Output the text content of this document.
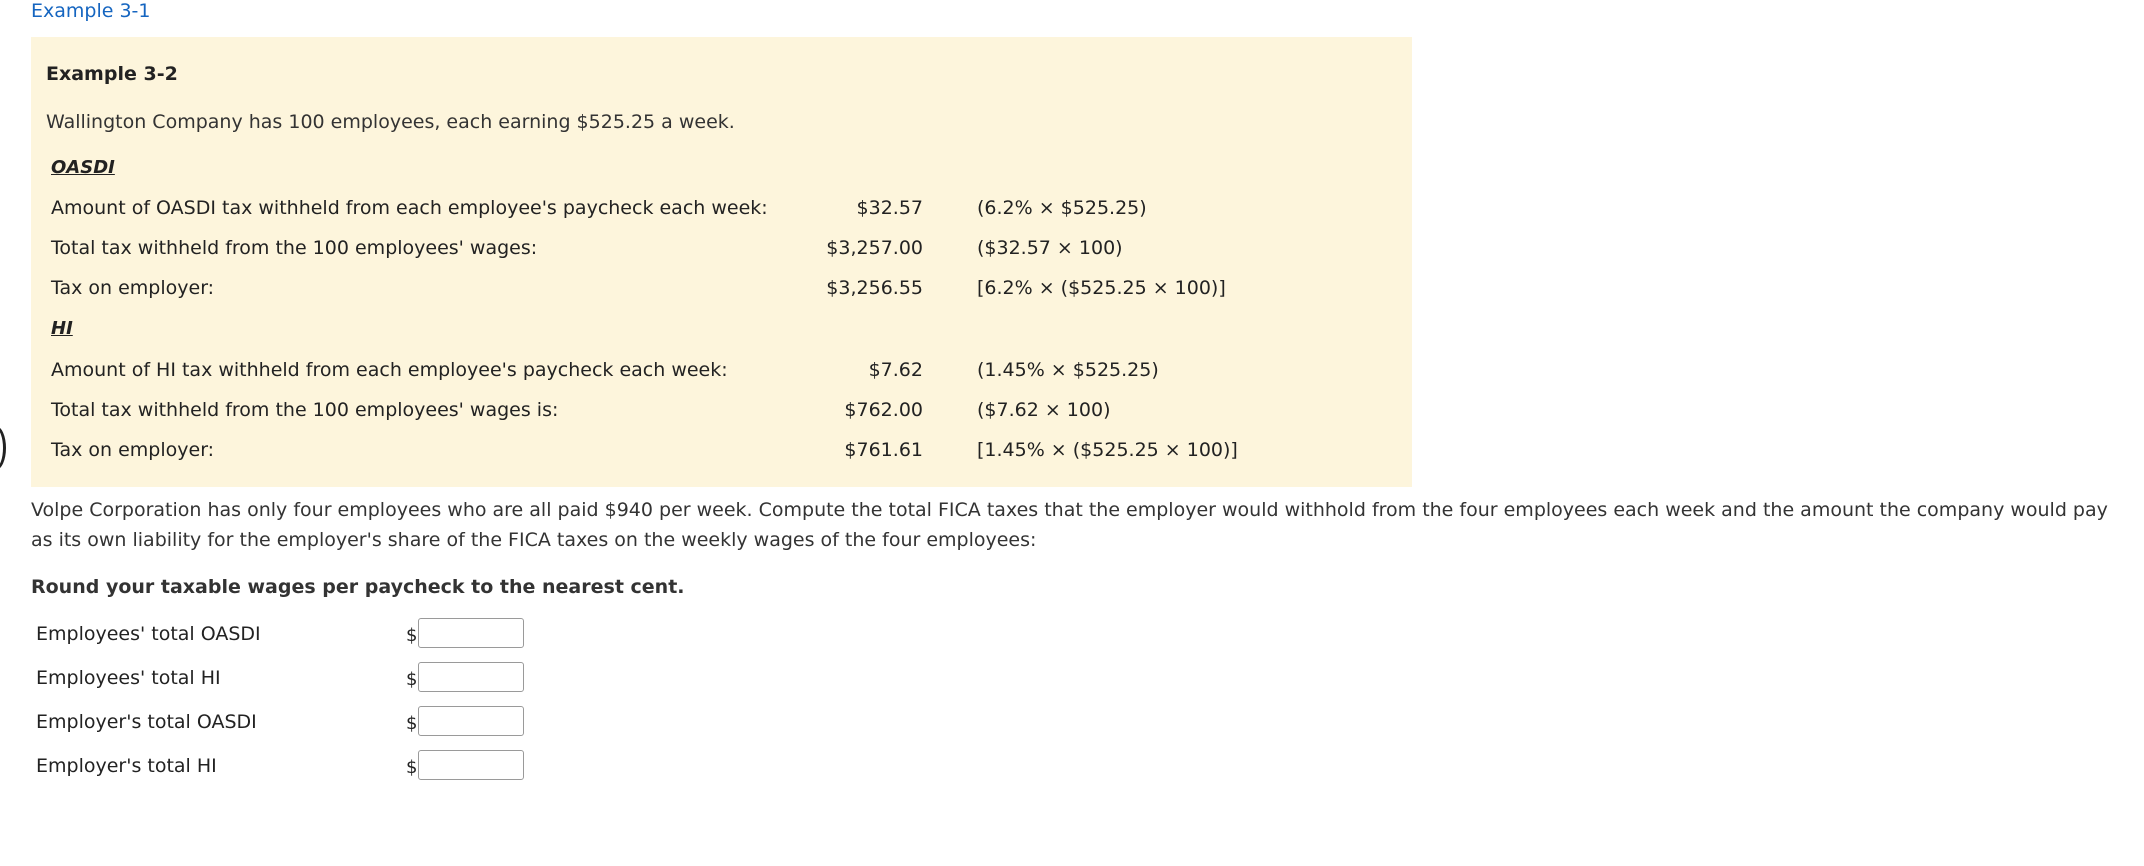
Example 3-1
Example 3-2
Wallington Company has 100 employees, each earning $525.25 a week.
OASDI
Amount of OASDI tax withheld from each employee's paycheck each week:	$32.57	(6.2% × $525.25)
Total tax withheld from the 100 employees' wages:	$3,257.00	($32.57 × 100)
Tax on employer:	$3,256.55	[6.2% × ($525.25 × 100)]
HI
Amount of HI tax withheld from each employee's paycheck each week:	$7.62	(1.45% × $525.25)
Total tax withheld from the 100 employees' wages is:	$762.00	($7.62 × 100)
Tax on employer:	$761.61	[1.45% × ($525.25 × 100)]
Volpe Corporation has only four employees who are all paid $940 per week. Compute the total FICA taxes that the employer would withhold from the four employees each week and the amount the company would pay as its own liability for the employer's share of the FICA taxes on the weekly wages of the four employees:
Round your taxable wages per paycheck to the nearest cent.
Employees' total OASDI	$
Employees' total HI	$
Employer's total OASDI	$
Employer's total HI	$
